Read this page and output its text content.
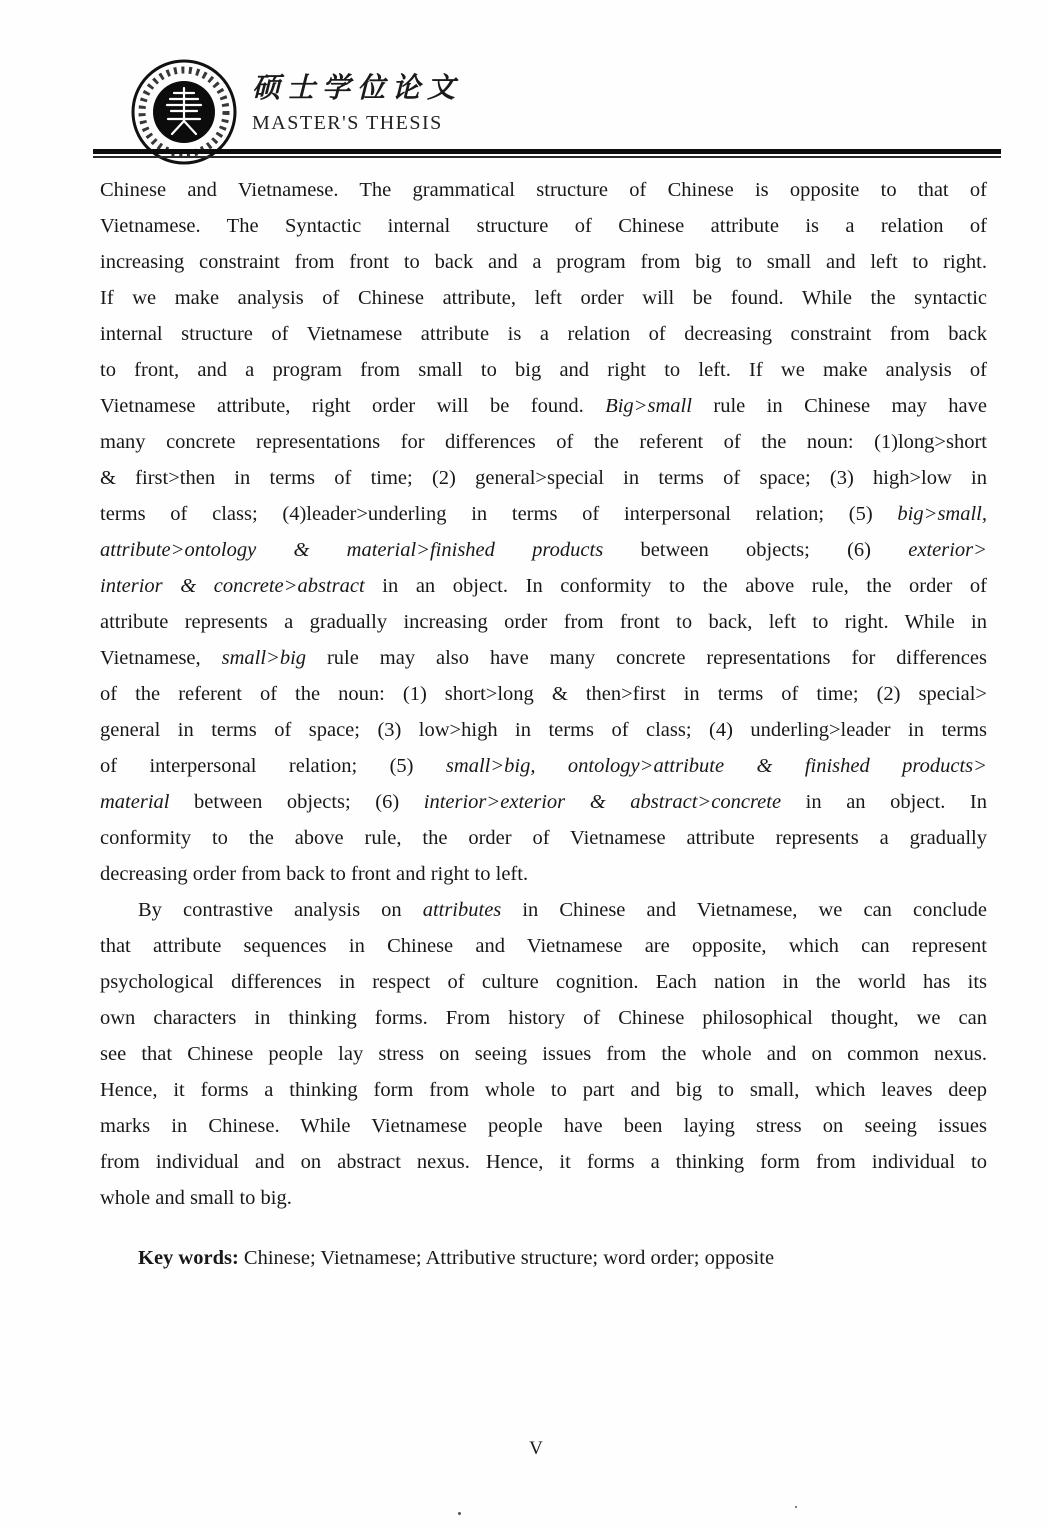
硕士学位论文
MASTER'S THESIS
Chinese and Vietnamese. The grammatical structure of Chinese is opposite to that of
Vietnamese. The Syntactic internal structure of Chinese attribute is a relation of
increasing constraint from front to back and a program from big to small and left to right.
If we make analysis of Chinese attribute, left order will be found. While the syntactic
internal structure of Vietnamese attribute is a relation of decreasing constraint from back
to front, and a program from small to big and right to left. If we make analysis of
Vietnamese attribute, right order will be found. Big>small rule in Chinese may have
many concrete representations for differences of the referent of the noun: (1)long>short
& first>then in terms of time; (2) general>special in terms of space; (3) high>low in
terms of class; (4)leader>underling in terms of interpersonal relation; (5) big>small,
attribute>ontology & material>finished products between objects; (6) exterior>
interior & concrete>abstract in an object. In conformity to the above rule, the order of
attribute represents a gradually increasing order from front to back, left to right. While in
Vietnamese, small>big rule may also have many concrete representations for differences
of the referent of the noun: (1) short>long & then>first in terms of time; (2) special>
general in terms of space; (3) low>high in terms of class; (4) underling>leader in terms
of interpersonal relation; (5) small>big, ontology>attribute & finished products>
material between objects; (6) interior>exterior & abstract>concrete in an object. In
conformity to the above rule, the order of Vietnamese attribute represents a gradually
decreasing order from back to front and right to left.
By contrastive analysis on attributes in Chinese and Vietnamese, we can conclude
that attribute sequences in Chinese and Vietnamese are opposite, which can represent
psychological differences in respect of culture cognition. Each nation in the world has its
own characters in thinking forms. From history of Chinese philosophical thought, we can
see that Chinese people lay stress on seeing issues from the whole and on common nexus.
Hence, it forms a thinking form from whole to part and big to small, which leaves deep
marks in Chinese. While Vietnamese people have been laying stress on seeing issues
from individual and on abstract nexus. Hence, it forms a thinking form from individual to
whole and small to big.

Key words: Chinese; Vietnamese; Attributive structure; word order; opposite

V
